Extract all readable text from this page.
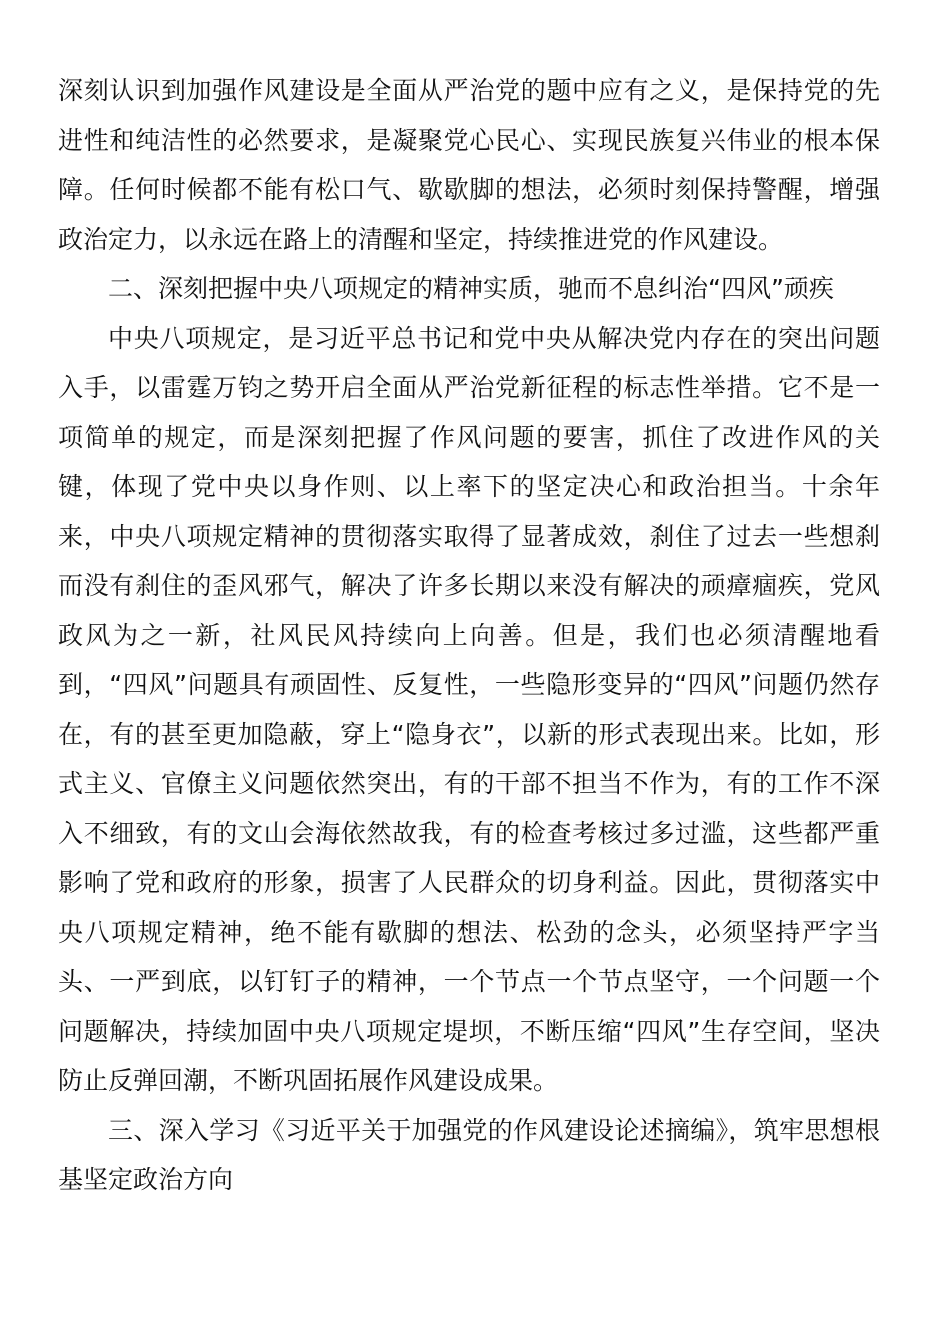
深刻认识到加强作风建设是全面从严治党的题中应有之义，是保持党的先进性和纯洁性的必然要求，是凝聚党心民心、实现民族复兴伟业的根本保障。任何时候都不能有松口气、歇歇脚的想法，必须时刻保持警醒，增强政治定力，以永远在路上的清醒和坚定，持续推进党的作风建设。

二、深刻把握中央八项规定的精神实质，驰而不息纠治“四风”顽疾

中央八项规定，是习近平总书记和党中央从解决党内存在的突出问题入手，以雷霆万钧之势开启全面从严治党新征程的标志性举措。它不是一项简单的规定，而是深刻把握了作风问题的要害，抓住了改进作风的关键，体现了党中央以身作则、以上率下的坚定决心和政治担当。十余年来，中央八项规定精神的贯彻落实取得了显著成效，刹住了过去一些想刹而没有刹住的歪风邪气，解决了许多长期以来没有解决的顽瘴痼疾，党风政风为之一新，社风民风持续向上向善。但是，我们也必须清醒地看到，“四风”问题具有顽固性、反复性，一些隐形变异的“四风”问题仍然存在，有的甚至更加隐蔽，穿上“隐身衣”，以新的形式表现出来。比如，形式主义、官僚主义问题依然突出，有的干部不担当不作为，有的工作不深入不细致，有的文山会海依然故我，有的检查考核过多过滥，这些都严重影响了党和政府的形象，损害了人民群众的切身利益。因此，贯彻落实中央八项规定精神，绝不能有歇脚的想法、松劲的念头，必须坚持严字当头、一严到底，以钉钉子的精神，一个节点一个节点坚守，一个问题一个问题解决，持续加固中央八项规定堤坝，不断压缩“四风”生存空间，坚决防止反弹回潮，不断巩固拓展作风建设成果。

三、深入学习《习近平关于加强党的作风建设论述摘编》，筑牢思想根基坚定政治方向
